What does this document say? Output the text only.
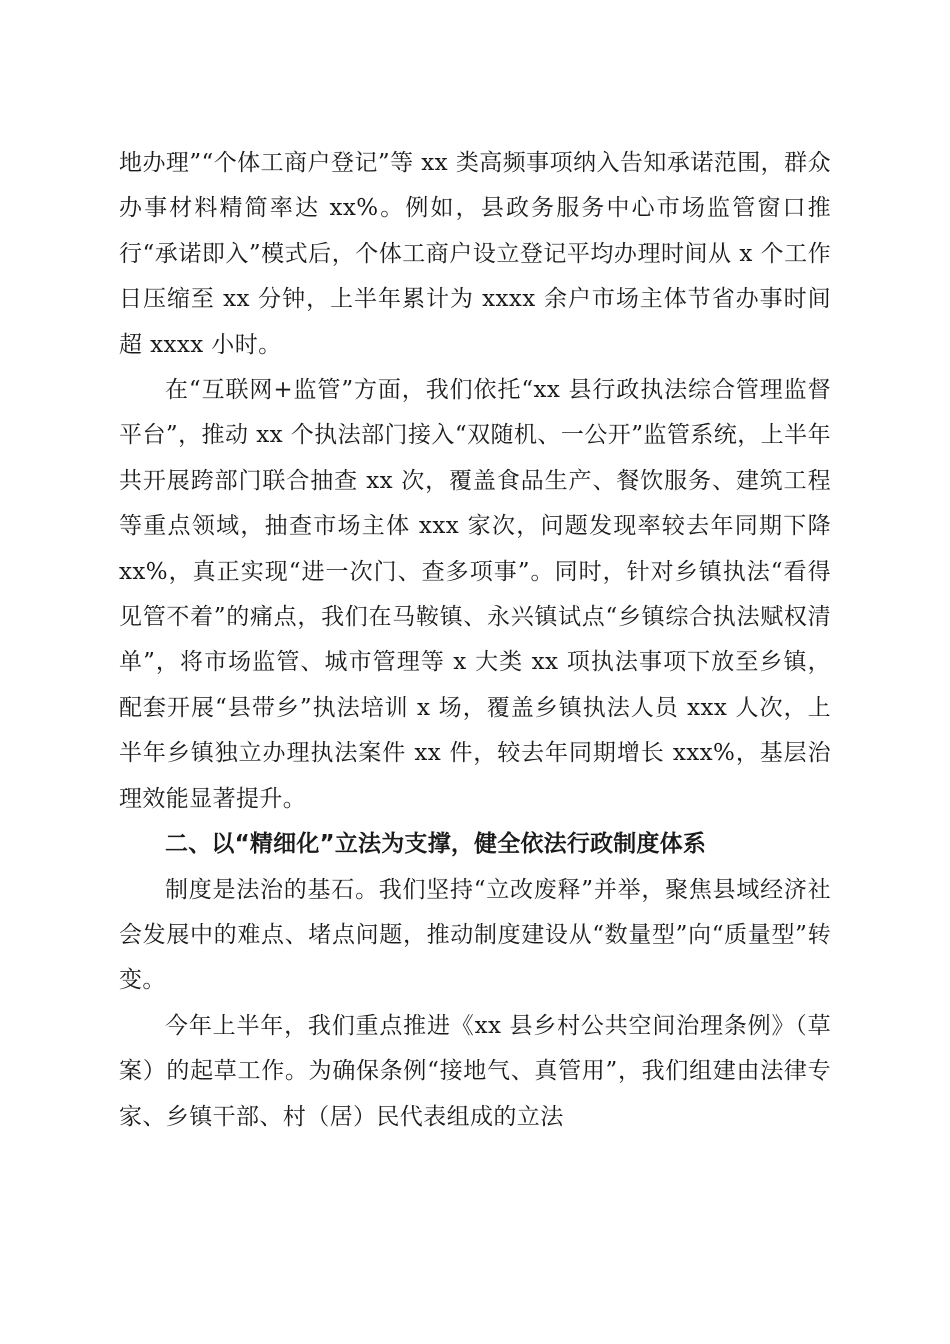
地办理”“个体工商户登记”等 xx 类高频事项纳入告知承诺范围，群众办事材料精简率达 xx%。例如，县政务服务中心市场监管窗口推行“承诺即入”模式后，个体工商户设立登记平均办理时间从 x 个工作日压缩至 xx 分钟，上半年累计为 xxxx 余户市场主体节省办事时间超 xxxx 小时。

在“互联网+监管”方面，我们依托“xx 县行政执法综合管理监督平台”，推动 xx 个执法部门接入“双随机、一公开”监管系统，上半年共开展跨部门联合抽查 xx 次，覆盖食品生产、餐饮服务、建筑工程等重点领域，抽查市场主体 xxx 家次，问题发现率较去年同期下降 xx%，真正实现“进一次门、查多项事”。同时，针对乡镇执法“看得见管不着”的痛点，我们在马鞍镇、永兴镇试点“乡镇综合执法赋权清单”，将市场监管、城市管理等 x 大类 xx 项执法事项下放至乡镇，配套开展“县带乡”执法培训 x 场，覆盖乡镇执法人员 xxx 人次，上半年乡镇独立办理执法案件 xx 件，较去年同期增长 xxx%，基层治理效能显著提升。

二、以“精细化”立法为支撑，健全依法行政制度体系

制度是法治的基石。我们坚持“立改废释”并举，聚焦县域经济社会发展中的难点、堵点问题，推动制度建设从“数量型”向“质量型”转变。

今年上半年，我们重点推进《xx 县乡村公共空间治理条例》（草案）的起草工作。为确保条例“接地气、真管用”，我们组建由法律专家、乡镇干部、村（居）民代表组成的立法
